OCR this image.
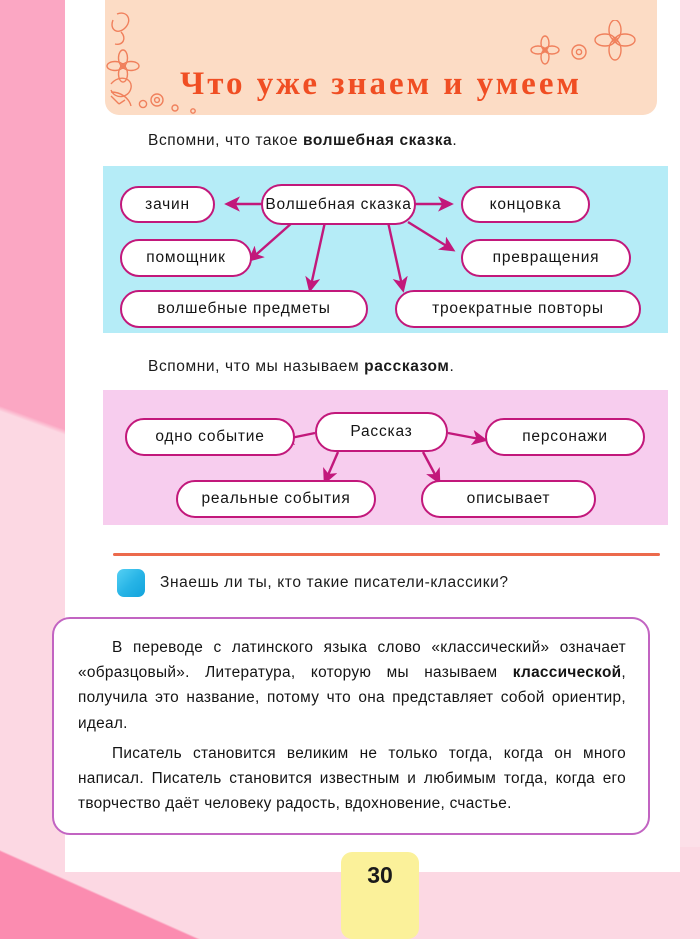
Что уже знаем и умеем
Вспомни, что такое волшебная сказка.
зачин	Волшебная сказка	концовка
помощник	превращения
волшебные предметы	троекратные повторы
Вспомни, что мы называем рассказом.
одно событие	Рассказ	персонажи
реальные события	описывает
Знаешь ли ты, кто такие писатели-классики?

В переводе с латинского языка слово «классический» означает «образцовый». Литература, которую мы называем классической, получила это название, потому что она представляет собой ориентир, идеал.

Писатель становится великим не только тогда, когда он много написал. Писатель становится известным и любимым тогда, когда его творчество даёт человеку радость, вдохновение, счастье.

30
